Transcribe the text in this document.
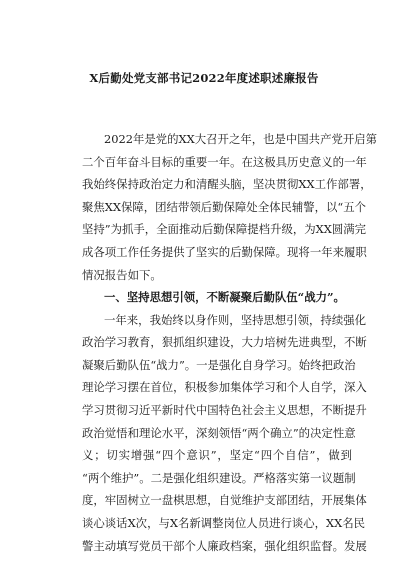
X后勤处党支部书记2022年度述职述廉报告
2022年是党的XX大召开之年，也是中国共产党开启第
二个百年奋斗目标的重要一年。在这极具历史意义的一年
我始终保持政治定力和清醒头脑，坚决贯彻XX工作部署，
聚焦XX保障，团结带领后勤保障处全体民辅警，以“五个
坚持”为抓手，全面推动后勤保障提档升级，为XX圆满完
成各项工作任务提供了坚实的后勤保障。现将一年来履职
情况报告如下。
一、坚持思想引领，不断凝聚后勤队伍“战力”。
一年来，我始终以身作则，坚持思想引领，持续强化
政治学习教育，狠抓组织建设，大力培树先进典型，不断
凝聚后勤队伍“战力”。一是强化自身学习。始终把政治
理论学习摆在首位，积极参加集体学习和个人自学，深入
学习贯彻习近平新时代中国特色社会主义思想，不断提升
政治觉悟和理论水平，深刻领悟“两个确立”的决定性意
义；切实增强“四个意识”，坚定“四个自信”，做到
“两个维护”。二是强化组织建设。严格落实第一议题制
度，牢固树立一盘棋思想，自觉维护支部团结，开展集体
谈心谈话X次，与X名新调整岗位人员进行谈心，XX名民
警主动填写党员干部个人廉政档案，强化组织监督。发展
